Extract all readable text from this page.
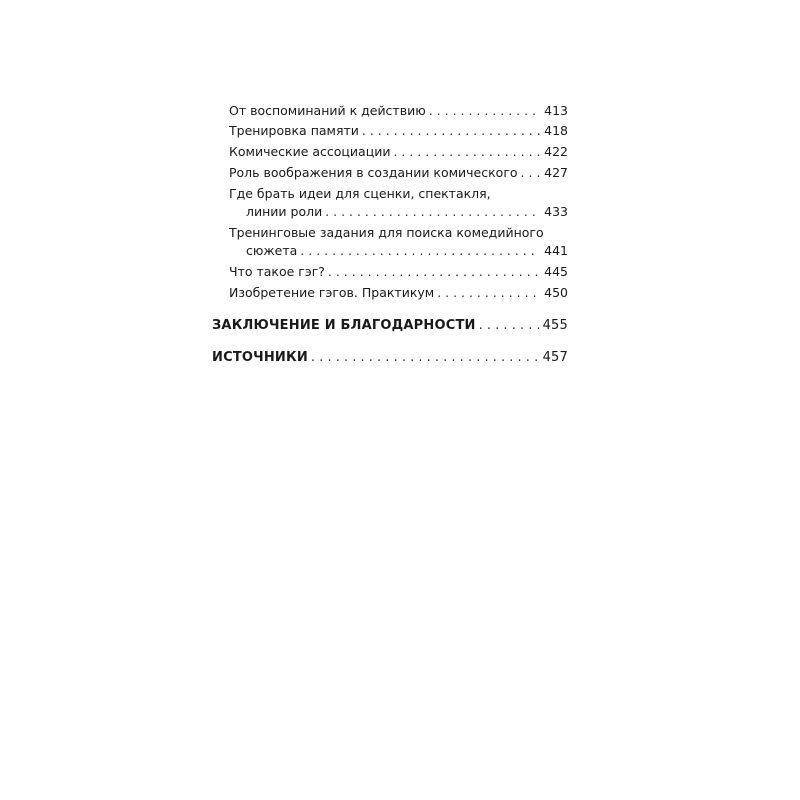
От воспоминаний к действию . . .	413
Тренировка памяти . . .	418
Комические ассоциации . . .	422
Роль воображения в создании комического . . . 427
Где брать идеи для сценки, спектакля,
линии роли . . .	433
Тренинговые задания для поиска комедийного
сюжета . . .	441
Что такое гэг? . . .	445
Изобретение гэгов. Практикум . . .	450
ЗАКЛЮЧЕНИЕ И БЛАГОДАРНОСТИ . . .	455
ИСТОЧНИКИ . . .	457
